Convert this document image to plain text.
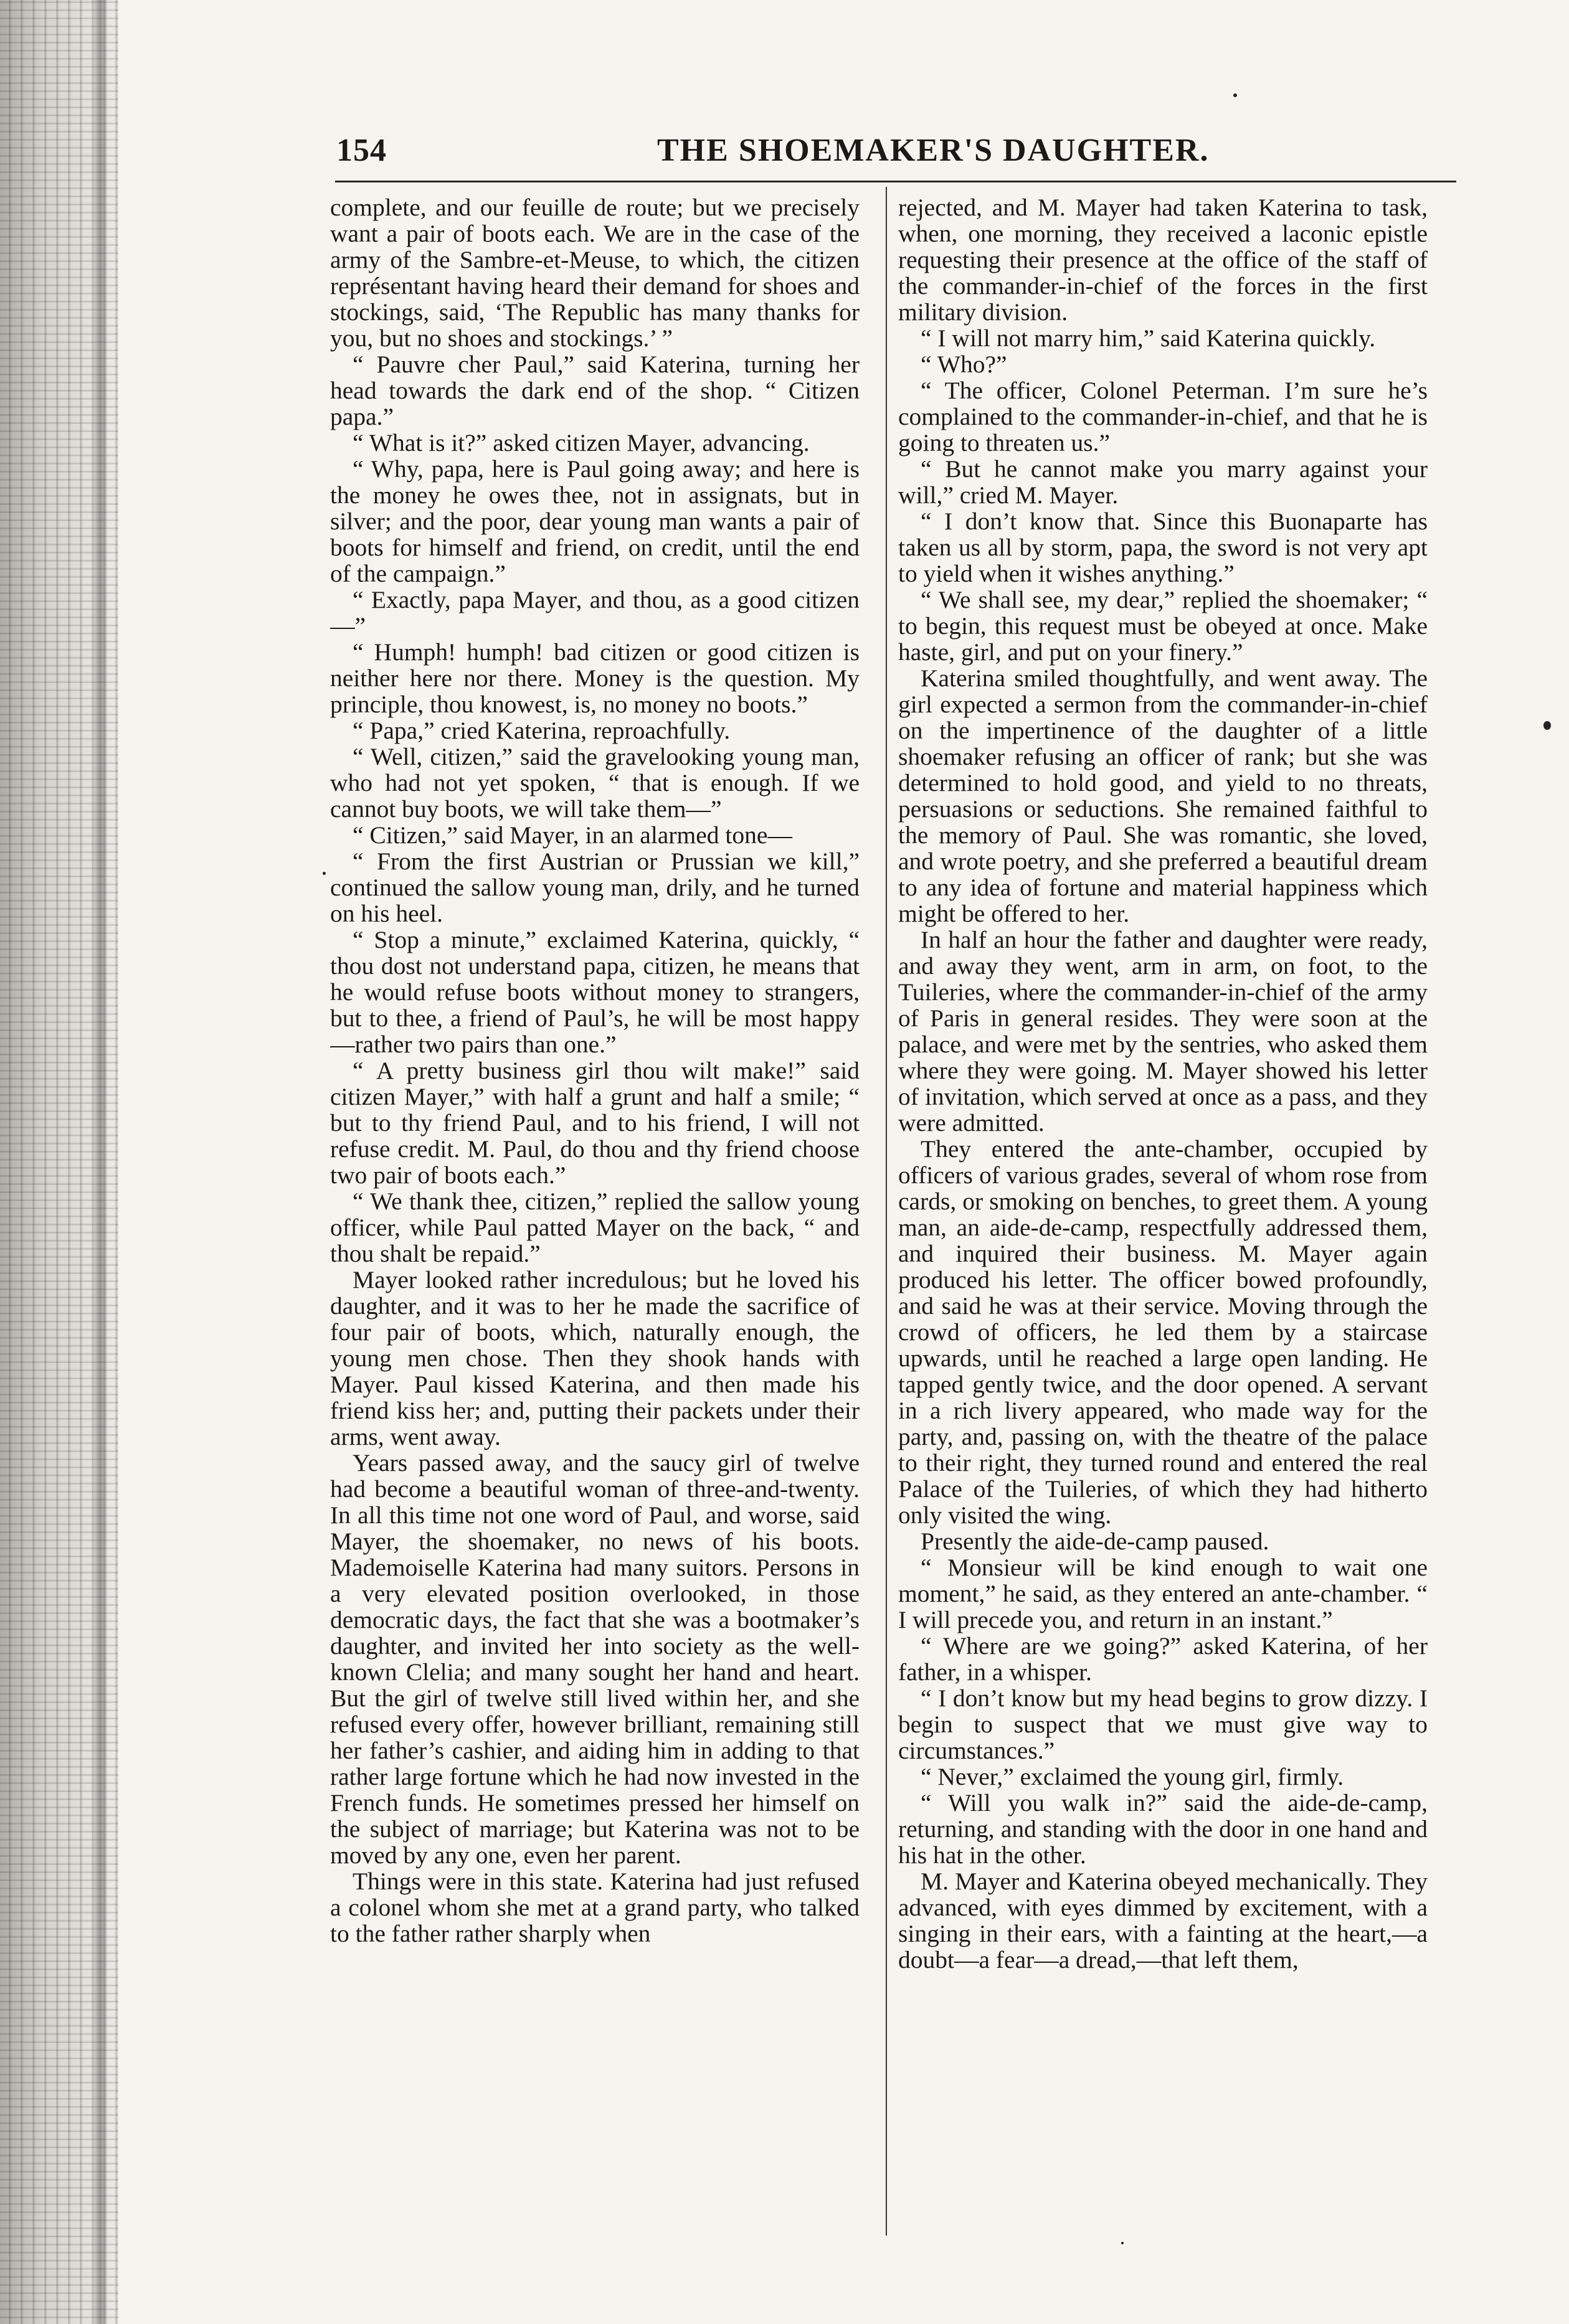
154	THE SHOEMAKER'S DAUGHTER.

complete, and our feuille de route; but we precisely want a pair of boots each. We are in the case of the army of the Sambre-et-Meuse, to which, the citizen représentant having heard their demand for shoes and stockings, said, ‘The Republic has many thanks for you, but no shoes and stockings.’ ”

“ Pauvre cher Paul,” said Katerina, turning her head towards the dark end of the shop. “ Citizen papa.”

“ What is it?” asked citizen Mayer, advancing.

“ Why, papa, here is Paul going away; and here is the money he owes thee, not in assignats, but in silver; and the poor, dear young man wants a pair of boots for himself and friend, on credit, until the end of the campaign.”

“ Exactly, papa Mayer, and thou, as a good citizen—”

“ Humph! humph! bad citizen or good citizen is neither here nor there. Money is the question. My principle, thou knowest, is, no money no boots.”

“ Papa,” cried Katerina, reproachfully.

“ Well, citizen,” said the gravelooking young man, who had not yet spoken, “ that is enough. If we cannot buy boots, we will take them—”

“ Citizen,” said Mayer, in an alarmed tone—

“ From the first Austrian or Prussian we kill,” continued the sallow young man, drily, and he turned on his heel.

“ Stop a minute,” exclaimed Katerina, quickly, “ thou dost not understand papa, citizen, he means that he would refuse boots without money to strangers, but to thee, a friend of Paul’s, he will be most happy—rather two pairs than one.”

“ A pretty business girl thou wilt make!” said citizen Mayer,” with half a grunt and half a smile; “ but to thy friend Paul, and to his friend, I will not refuse credit. M. Paul, do thou and thy friend choose two pair of boots each.”

“ We thank thee, citizen,” replied the sallow young officer, while Paul patted Mayer on the back, “ and thou shalt be repaid.”

Mayer looked rather incredulous; but he loved his daughter, and it was to her he made the sacrifice of four pair of boots, which, naturally enough, the young men chose. Then they shook hands with Mayer. Paul kissed Katerina, and then made his friend kiss her; and, putting their packets under their arms, went away.

Years passed away, and the saucy girl of twelve had become a beautiful woman of three-and-twenty. In all this time not one word of Paul, and worse, said Mayer, the shoemaker, no news of his boots. Mademoiselle Katerina had many suitors. Persons in a very elevated position overlooked, in those democratic days, the fact that she was a bootmaker’s daughter, and invited her into society as the well-known Clelia; and many sought her hand and heart. But the girl of twelve still lived within her, and she refused every offer, however brilliant, remaining still her father’s cashier, and aiding him in adding to that rather large fortune which he had now invested in the French funds. He sometimes pressed her himself on the subject of marriage; but Katerina was not to be moved by any one, even her parent.

Things were in this state. Katerina had just refused a colonel whom she met at a grand party, who talked to the father rather sharply when

rejected, and M. Mayer had taken Katerina to task, when, one morning, they received a laconic epistle requesting their presence at the office of the staff of the commander-in-chief of the forces in the first military division.

“ I will not marry him,” said Katerina quickly.

“ Who?”

“ The officer, Colonel Peterman. I’m sure he’s complained to the commander-in-chief, and that he is going to threaten us.”

“ But he cannot make you marry against your will,” cried M. Mayer.

“ I don’t know that. Since this Buonaparte has taken us all by storm, papa, the sword is not very apt to yield when it wishes anything.”

“ We shall see, my dear,” replied the shoemaker; “ to begin, this request must be obeyed at once. Make haste, girl, and put on your finery.”

Katerina smiled thoughtfully, and went away. The girl expected a sermon from the commander-in-chief on the impertinence of the daughter of a little shoemaker refusing an officer of rank; but she was determined to hold good, and yield to no threats, persuasions or seductions. She remained faithful to the memory of Paul. She was romantic, she loved, and wrote poetry, and she preferred a beautiful dream to any idea of fortune and material happiness which might be offered to her.

In half an hour the father and daughter were ready, and away they went, arm in arm, on foot, to the Tuileries, where the commander-in-chief of the army of Paris in general resides. They were soon at the palace, and were met by the sentries, who asked them where they were going. M. Mayer showed his letter of invitation, which served at once as a pass, and they were admitted.

They entered the ante-chamber, occupied by officers of various grades, several of whom rose from cards, or smoking on benches, to greet them. A young man, an aide-de-camp, respectfully addressed them, and inquired their business. M. Mayer again produced his letter. The officer bowed profoundly, and said he was at their service. Moving through the crowd of officers, he led them by a staircase upwards, until he reached a large open landing. He tapped gently twice, and the door opened. A servant in a rich livery appeared, who made way for the party, and, passing on, with the theatre of the palace to their right, they turned round and entered the real Palace of the Tuileries, of which they had hitherto only visited the wing.

Presently the aide-de-camp paused.

“ Monsieur will be kind enough to wait one moment,” he said, as they entered an ante-chamber. “ I will precede you, and return in an instant.”

“ Where are we going?” asked Katerina, of her father, in a whisper.

“ I don’t know but my head begins to grow dizzy. I begin to suspect that we must give way to circumstances.”

“ Never,” exclaimed the young girl, firmly.

“ Will you walk in?” said the aide-de-camp, returning, and standing with the door in one hand and his hat in the other.

M. Mayer and Katerina obeyed mechanically. They advanced, with eyes dimmed by excitement, with a singing in their ears, with a fainting at the heart,—a doubt—a fear—a dread,—that left them,
